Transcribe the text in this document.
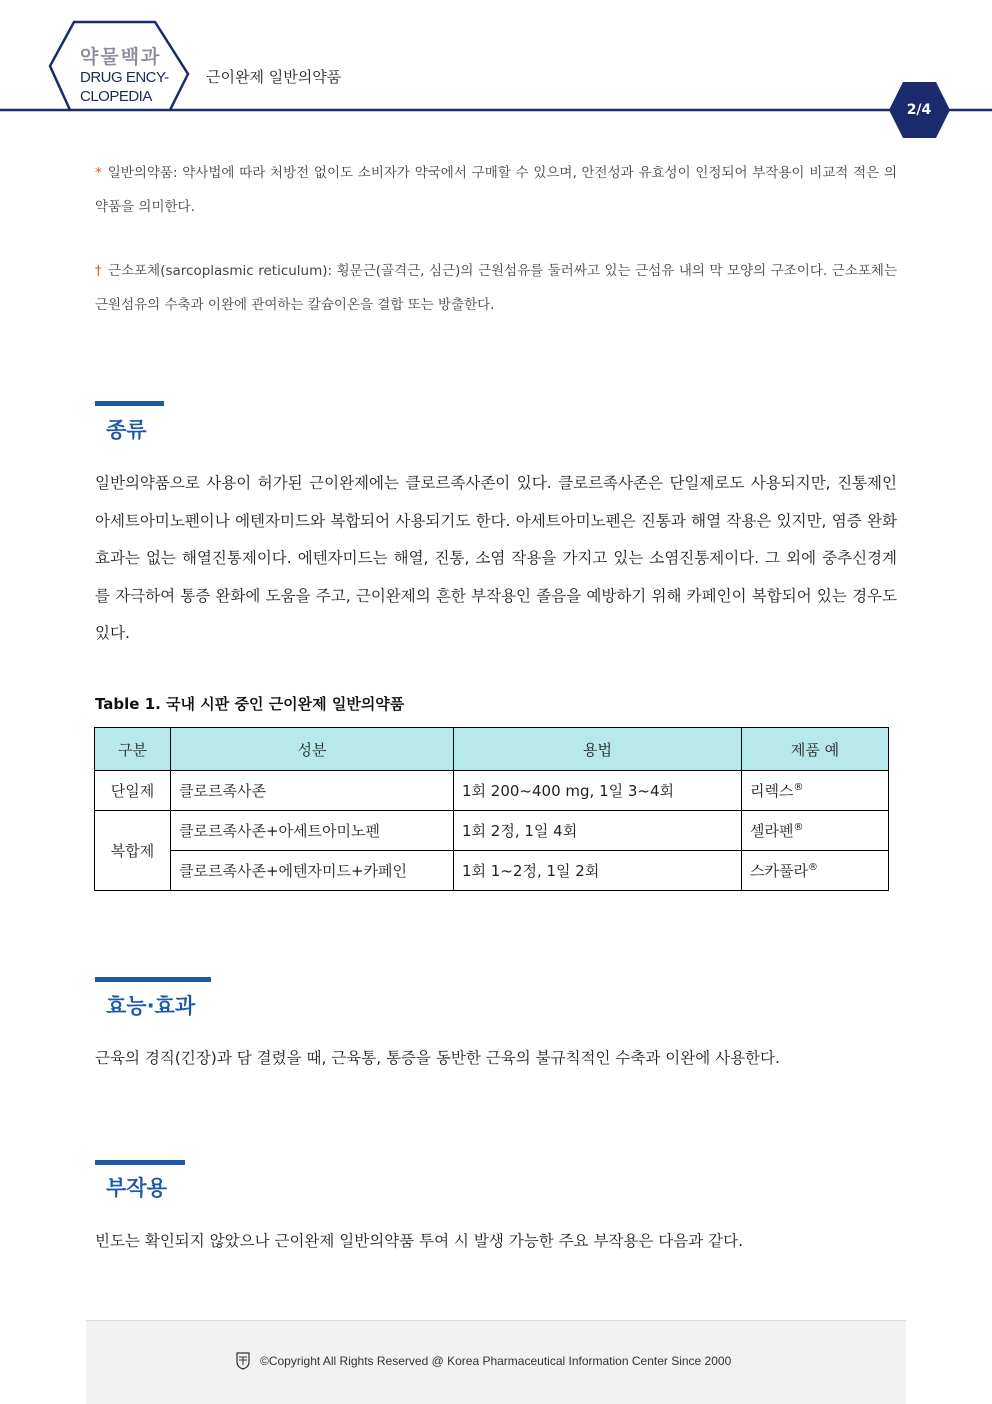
약물백과
DRUG ENCY-
CLOPEDIA
근이완제 일반의약품
2/4
* 일반의약품: 약사법에 따라 처방전 없이도 소비자가 약국에서 구매할 수 있으며, 안전성과 유효성이 인정되어 부작용이 비교적 적은 의약품을 의미한다.
† 근소포체(sarcoplasmic reticulum): 횡문근(골격근, 심근)의 근원섬유를 둘러싸고 있는 근섬유 내의 막 모양의 구조이다. 근소포체는 근원섬유의 수축과 이완에 관여하는 칼슘이온을 결합 또는 방출한다.
종류
일반의약품으로 사용이 허가된 근이완제에는 클로르족사존이 있다. 클로르족사존은 단일제로도 사용되지만, 진통제인 아세트아미노펜이나 에텐자미드와 복합되어 사용되기도 한다. 아세트아미노펜은 진통과 해열 작용은 있지만, 염증 완화 효과는 없는 해열진통제이다. 에텐자미드는 해열, 진통, 소염 작용을 가지고 있는 소염진통제이다. 그 외에 중추신경계를 자극하여 통증 완화에 도움을 주고, 근이완제의 흔한 부작용인 졸음을 예방하기 위해 카페인이 복합되어 있는 경우도 있다.
Table 1. 국내 시판 중인 근이완제 일반의약품
구분	성분	용법	제품 예
단일제	클로르족사존	1회 200~400 mg, 1일 3~4회	리렉스®
복합제	클로르족사존+아세트아미노펜	1회 2정, 1일 4회	셀라펜®
	클로르족사존+에텐자미드+카페인	1회 1~2정, 1일 2회	스카풀라®
효능·효과
근육의 경직(긴장)과 담 결렸을 때, 근육통, 통증을 동반한 근육의 불규칙적인 수축과 이완에 사용한다.
부작용
빈도는 확인되지 않았으나 근이완제 일반의약품 투여 시 발생 가능한 주요 부작용은 다음과 같다.
©Copyright All Rights Reserved @ Korea Pharmaceutical Information Center Since 2000
